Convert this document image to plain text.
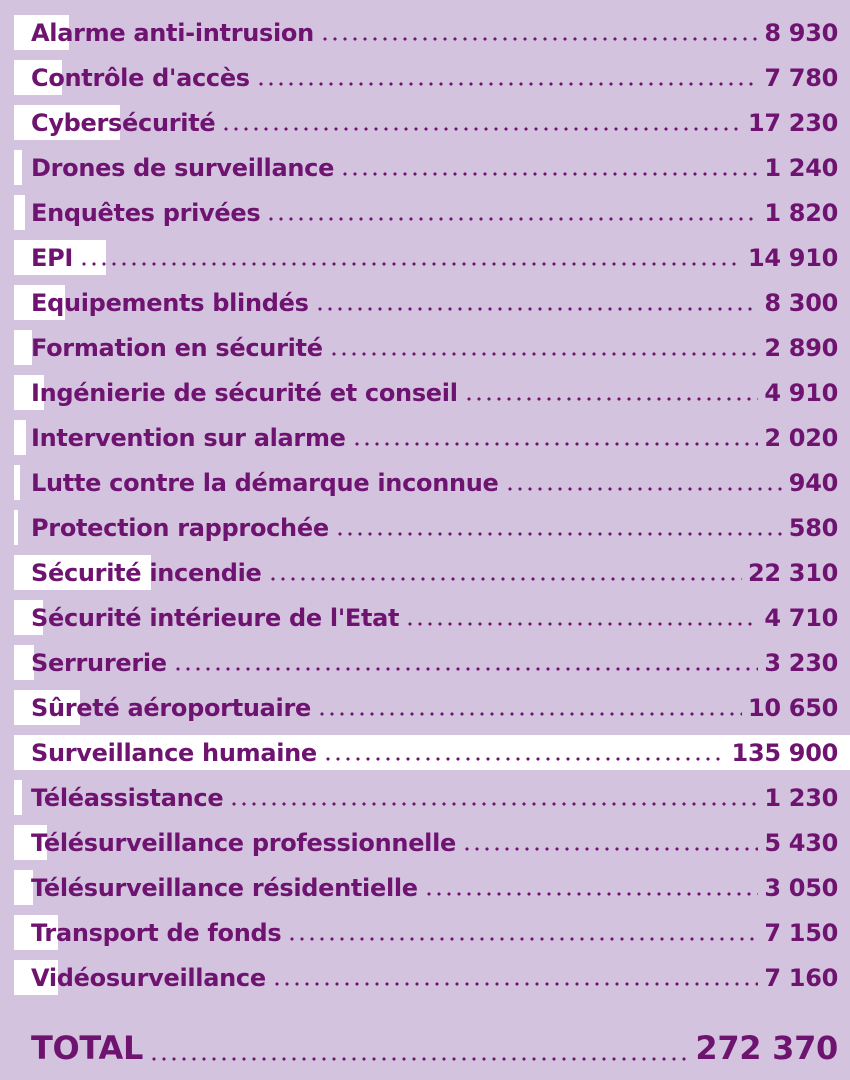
Alarme anti-intrusion	8 930
Contrôle d'accès	7 780
Cybersécurité	17 230
Drones de surveillance	1 240
Enquêtes privées	1 820
EPI	14 910
Equipements blindés	8 300
Formation en sécurité	2 890
Ingénierie de sécurité et conseil	4 910
Intervention sur alarme	2 020
Lutte contre la démarque inconnue	940
Protection rapprochée	580
Sécurité incendie	22 310
Sécurité intérieure de l'Etat	4 710
Serrurerie	3 230
Sûreté aéroportuaire	10 650
Surveillance humaine	135 900
Téléassistance	1 230
Télésurveillance professionnelle	5 430
Télésurveillance résidentielle	3 050
Transport de fonds	7 150
Vidéosurveillance	7 160
TOTAL	272 370
